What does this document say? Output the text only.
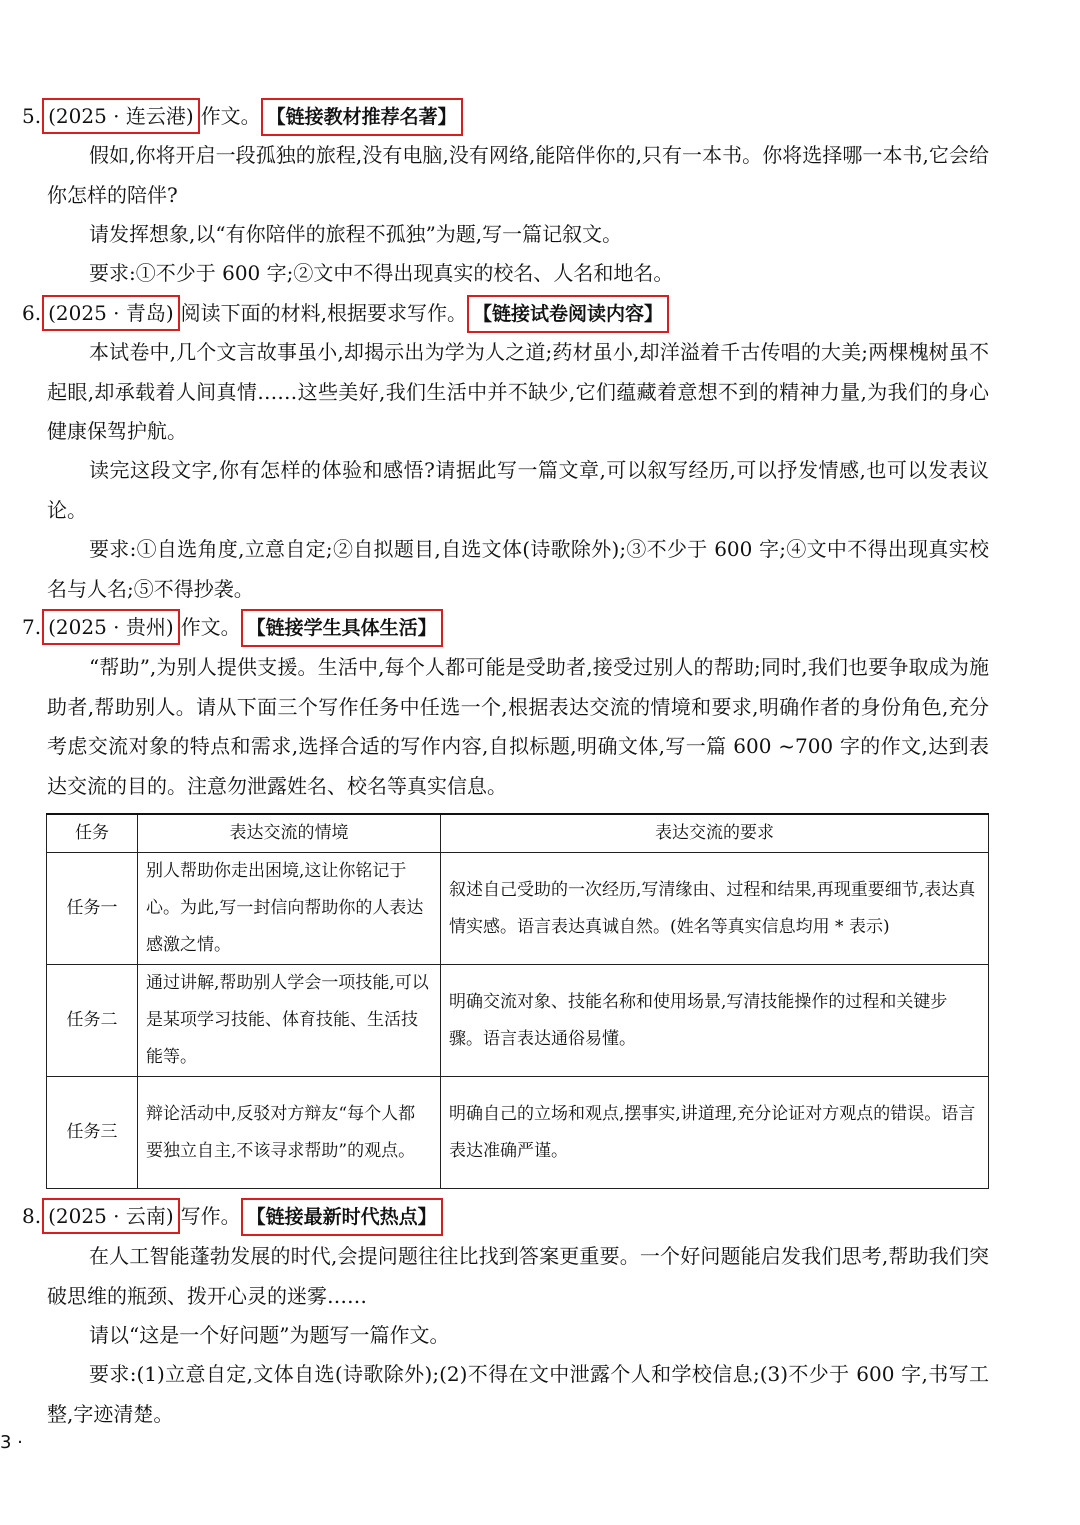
5. (2025 · 连云港) 作文。 【链接教材推荐名著】

假如,你将开启一段孤独的旅程,没有电脑,没有网络,能陪伴你的,只有一本书。你将选择哪一本书,它会给你怎样的陪伴?

请发挥想象,以“有你陪伴的旅程不孤独”为题,写一篇记叙文。

要求:①不少于 600 字;②文中不得出现真实的校名、人名和地名。

6. (2025 · 青岛) 阅读下面的材料,根据要求写作。 【链接试卷阅读内容】

本试卷中,几个文言故事虽小,却揭示出为学为人之道;药材虽小,却洋溢着千古传唱的大美;两棵槐树虽不起眼,却承载着人间真情……这些美好,我们生活中并不缺少,它们蕴藏着意想不到的精神力量,为我们的身心健康保驾护航。

读完这段文字,你有怎样的体验和感悟?请据此写一篇文章,可以叙写经历,可以抒发情感,也可以发表议论。

要求:①自选角度,立意自定;②自拟题目,自选文体(诗歌除外);③不少于 600 字;④文中不得出现真实校名与人名;⑤不得抄袭。

7. (2025 · 贵州) 作文。 【链接学生具体生活】

“帮助”,为别人提供支援。生活中,每个人都可能是受助者,接受过别人的帮助;同时,我们也要争取成为施助者,帮助别人。请从下面三个写作任务中任选一个,根据表达交流的情境和要求,明确作者的身份角色,充分考虑交流对象的特点和需求,选择合适的写作内容,自拟标题,明确文体,写一篇 600 ~700 字的作文,达到表达交流的目的。注意勿泄露姓名、校名等真实信息。

任务	表达交流的情境	表达交流的要求
任务一	别人帮助你走出困境,这让你铭记于心。为此,写一封信向帮助你的人表达感激之情。	叙述自己受助的一次经历,写清缘由、过程和结果,再现重要细节,表达真情实感。语言表达真诚自然。(姓名等真实信息均用 * 表示)
任务二	通过讲解,帮助别人学会一项技能,可以是某项学习技能、体育技能、生活技能等。	明确交流对象、技能名称和使用场景,写清技能操作的过程和关键步骤。语言表达通俗易懂。
任务三	辩论活动中,反驳对方辩友“每个人都要独立自主,不该寻求帮助”的观点。	明确自己的立场和观点,摆事实,讲道理,充分论证对方观点的错误。语言表达准确严谨。
8. (2025 · 云南) 写作。 【链接最新时代热点】

在人工智能蓬勃发展的时代,会提问题往往比找到答案更重要。一个好问题能启发我们思考,帮助我们突破思维的瓶颈、拨开心灵的迷雾……

请以“这是一个好问题”为题写一篇作文。

要求:(1)立意自定,文体自选(诗歌除外);(2)不得在文中泄露个人和学校信息;(3)不少于 600 字,书写工整,字迹清楚。

3 ·
